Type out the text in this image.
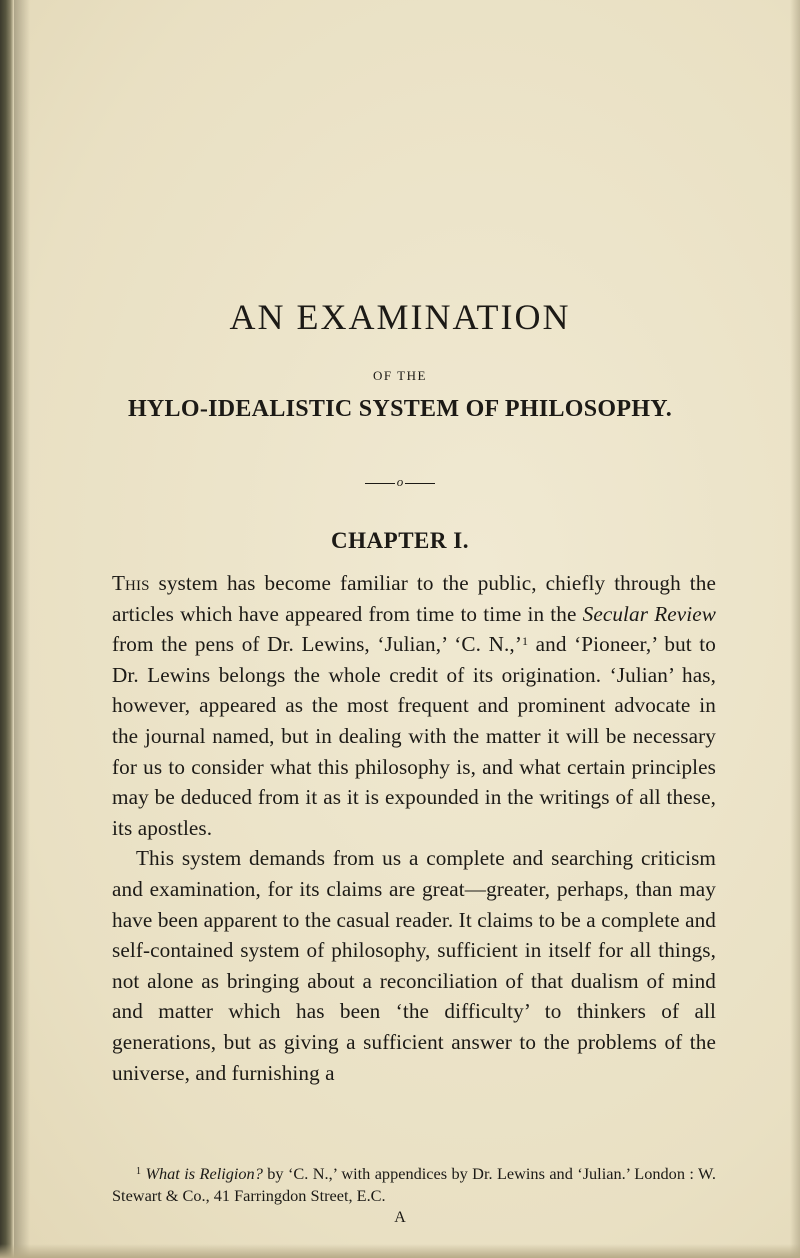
AN EXAMINATION
OF THE
HYLO-IDEALISTIC SYSTEM OF PHILOSOPHY.
o
CHAPTER I.

This system has become familiar to the public, chiefly through the articles which have appeared from time to time in the Secular Review from the pens of Dr. Lewins, ‘Julian,’ ‘C. N.,’$^1$ and ‘Pioneer,’ but to Dr. Lewins belongs the whole credit of its origination. ‘Julian’ has, however, appeared as the most frequent and prominent advocate in the journal named, but in dealing with the matter it will be necessary for us to consider what this philosophy is, and what certain principles may be deduced from it as it is expounded in the writings of all these, its apostles.

This system demands from us a complete and searching criticism and examination, for its claims are great—greater, perhaps, than may have been apparent to the casual reader. It claims to be a complete and self-contained system of philosophy, sufficient in itself for all things, not alone as bringing about a reconciliation of that dualism of mind and matter which has been ‘the difficulty’ to thinkers of all generations, but as giving a sufficient answer to the problems of the universe, and furnishing a

$^1$ What is Religion? by ‘C. N.,’ with appendices by Dr. Lewins and ‘Julian.’ London : W. Stewart & Co., 41 Farringdon Street, E.C.
A
